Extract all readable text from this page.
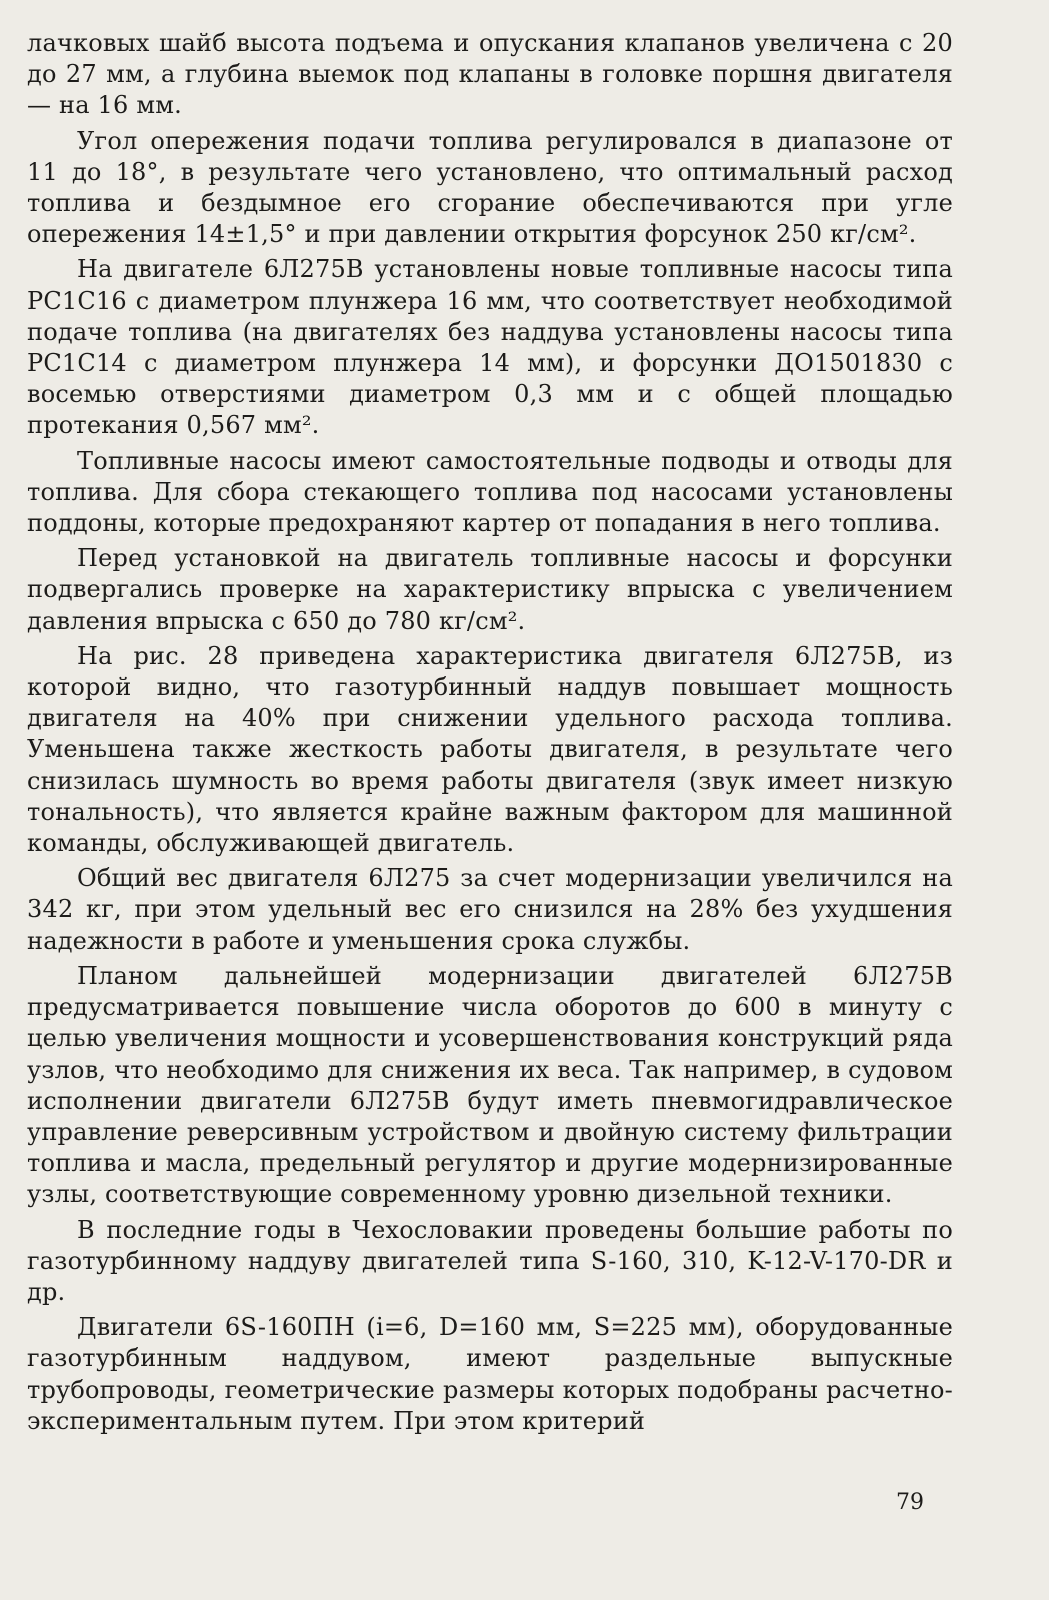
лачковых шайб высота подъема и опускания клапанов увеличена с 20 до 27 мм, а глубина выемок под клапаны в головке поршня двигателя — на 16 мм.

Угол опережения подачи топлива регулировался в диапазоне от 11 до 18°, в результате чего установлено, что оптимальный расход топлива и бездымное его сгорание обеспечиваются при угле опережения 14±1,5° и при давлении открытия форсунок 250 кг/см².

На двигателе 6Л275В установлены новые топливные насосы типа РС1С16 с диаметром плунжера 16 мм, что соответствует необходимой подаче топлива (на двигателях без наддува установлены насосы типа РС1С14 с диаметром плунжера 14 мм), и форсунки ДО1501830 с восемью отверстиями диаметром 0,3 мм и с общей площадью протекания 0,567 мм².

Топливные насосы имеют самостоятельные подводы и отводы для топлива. Для сбора стекающего топлива под насосами установлены поддоны, которые предохраняют картер от попадания в него топлива.

Перед установкой на двигатель топливные насосы и форсунки подвергались проверке на характеристику впрыска с увеличением давления впрыска с 650 до 780 кг/см².

На рис. 28 приведена характеристика двигателя 6Л275В, из которой видно, что газотурбинный наддув повышает мощность двигателя на 40% при снижении удельного расхода топлива. Уменьшена также жесткость работы двигателя, в результате чего снизилась шумность во время работы двигателя (звук имеет низкую тональность), что является крайне важным фактором для машинной команды, обслуживающей двигатель.

Общий вес двигателя 6Л275 за счет модернизации увеличился на 342 кг, при этом удельный вес его снизился на 28% без ухудшения надежности в работе и уменьшения срока службы.

Планом дальнейшей модернизации двигателей 6Л275В предусматривается повышение числа оборотов до 600 в минуту с целью увеличения мощности и усовершенствования конструкций ряда узлов, что необходимо для снижения их веса. Так например, в судовом исполнении двигатели 6Л275В будут иметь пневмогидравлическое управление реверсивным устройством и двойную систему фильтрации топлива и масла, предельный регулятор и другие модернизированные узлы, соответствующие современному уровню дизельной техники.

В последние годы в Чехословакии проведены большие работы по газотурбинному наддуву двигателей типа S-160, 310, K-12-V-170-DR и др.

Двигатели 6S-160ПН (i=6, D=160 мм, S=225 мм), оборудованные газотурбинным наддувом, имеют раздельные выпускные трубопроводы, геометрические размеры которых подобраны расчетно-экспериментальным путем. При этом критерий

79
